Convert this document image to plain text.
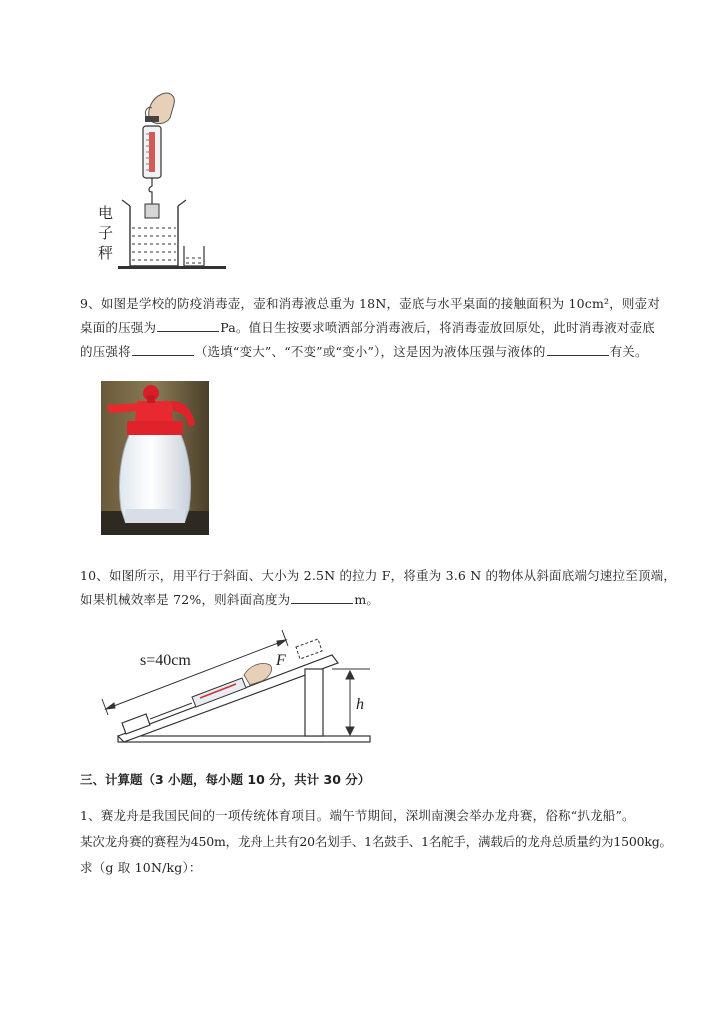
电
子
秤
9、如图是学校的防疫消毒壶，壶和消毒液总重为 18N，壶底与水平桌面的接触面积为 10cm²，则壶对
桌面的压强为	Pa。值日生按要求喷洒部分消毒液后，将消毒壶放回原处，此时消毒液对壶底
的压强将	（选填“变大”、“不变”或“变小”），这是因为液体压强与液体的	有关。
10、如图所示，用平行于斜面、大小为 2.5N 的拉力 F，将重为 3.6 N 的物体从斜面底端匀速拉至顶端，
如果机械效率是 72%，则斜面高度为	m。
s=40cm	F
h
三、计算题（3 小题，每小题 10 分，共计 30 分）
1、赛龙舟是我国民间的一项传统体育项目。端午节期间，深圳南澳会举办龙舟赛，俗称“扒龙船”。
某次龙舟赛的赛程为450m，龙舟上共有20名划手、1名鼓手、1名舵手，满载后的龙舟总质量约为1500kg。
求（g 取 10N/kg）：
